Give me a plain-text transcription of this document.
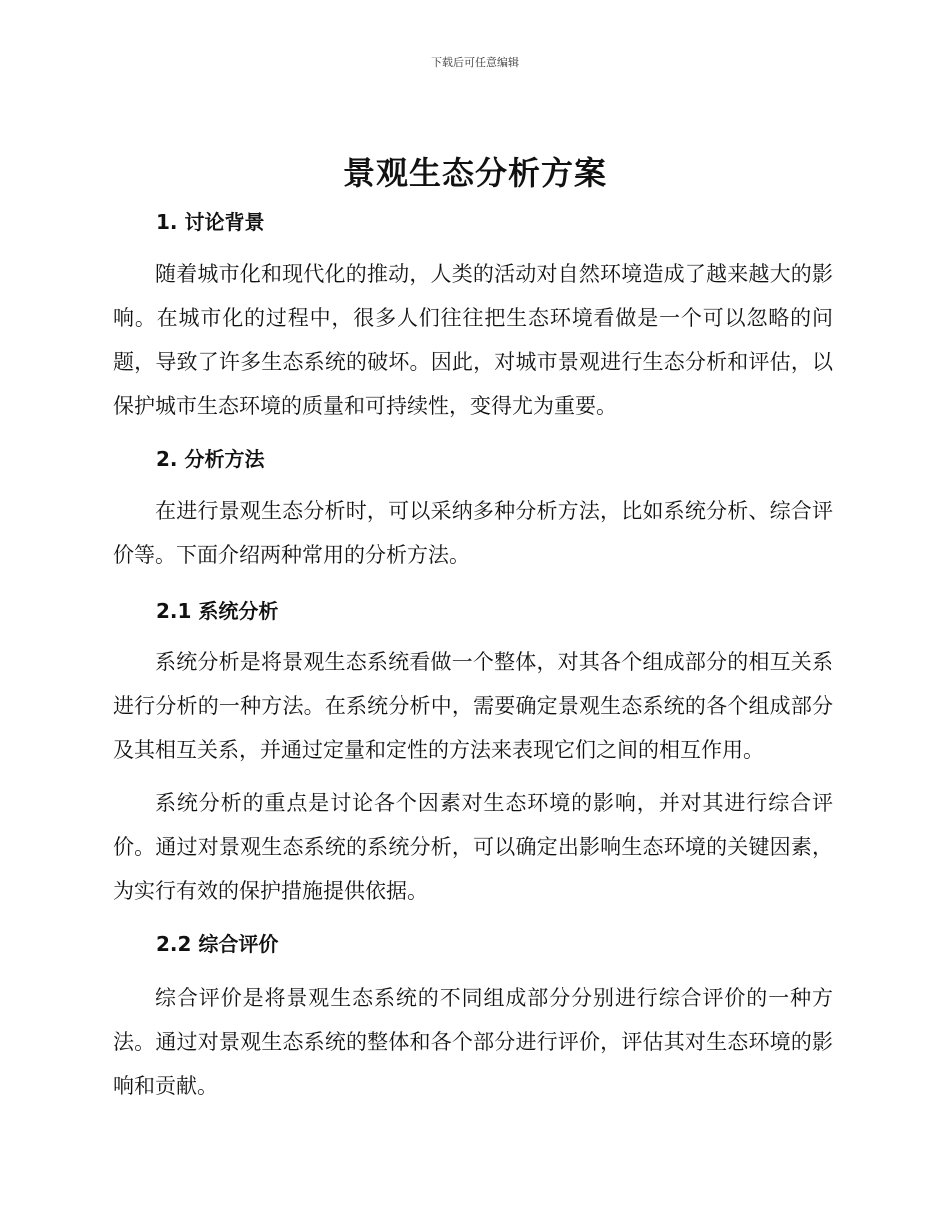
下载后可任意编辑
景观生态分析方案
1. 讨论背景

随着城市化和现代化的推动，人类的活动对自然环境造成了越来越大的影响。在城市化的过程中，很多人们往往把生态环境看做是一个可以忽略的问题，导致了许多生态系统的破坏。因此，对城市景观进行生态分析和评估，以保护城市生态环境的质量和可持续性，变得尤为重要。

2. 分析方法

在进行景观生态分析时，可以采纳多种分析方法，比如系统分析、综合评价等。下面介绍两种常用的分析方法。

2.1 系统分析

系统分析是将景观生态系统看做一个整体，对其各个组成部分的相互关系进行分析的一种方法。在系统分析中，需要确定景观生态系统的各个组成部分及其相互关系，并通过定量和定性的方法来表现它们之间的相互作用。

系统分析的重点是讨论各个因素对生态环境的影响，并对其进行综合评价。通过对景观生态系统的系统分析，可以确定出影响生态环境的关键因素，为实行有效的保护措施提供依据。

2.2 综合评价

综合评价是将景观生态系统的不同组成部分分别进行综合评价的一种方法。通过对景观生态系统的整体和各个部分进行评价，评估其对生态环境的影响和贡献。
